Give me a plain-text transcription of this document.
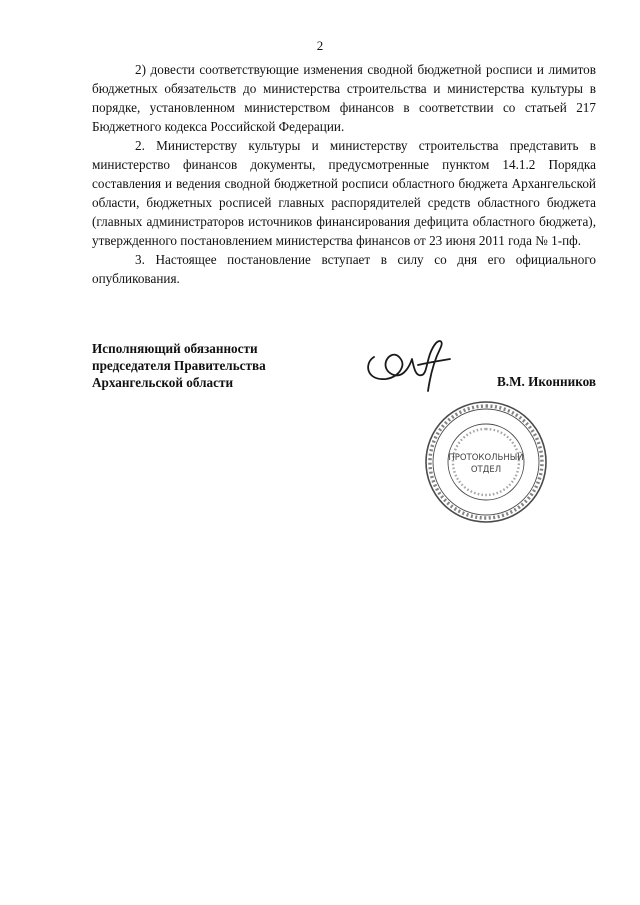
2

2) довести соответствующие изменения сводной бюджетной росписи и лимитов бюджетных обязательств до министерства строительства и министерства культуры в порядке, установленном министерством финансов в соответствии со статьей 217 Бюджетного кодекса Российской Федерации.

2. Министерству культуры и министерству строительства представить в министерство финансов документы, предусмотренные пунктом 14.1.2 Порядка составления и ведения сводной бюджетной росписи областного бюджета Архангельской области, бюджетных росписей главных распорядителей средств областного бюджета (главных администраторов источников финансирования дефицита областного бюджета), утвержденного постановлением министерства финансов от 23 июня 2011 года № 1-пф.

3. Настоящее постановление вступает в силу со дня его официального опубликования.

Исполняющий обязанности
председателя Правительства
Архангельской области	В.М. Иконников
ПРОТОКОЛЬНЫЙ
ОТДЕЛ
